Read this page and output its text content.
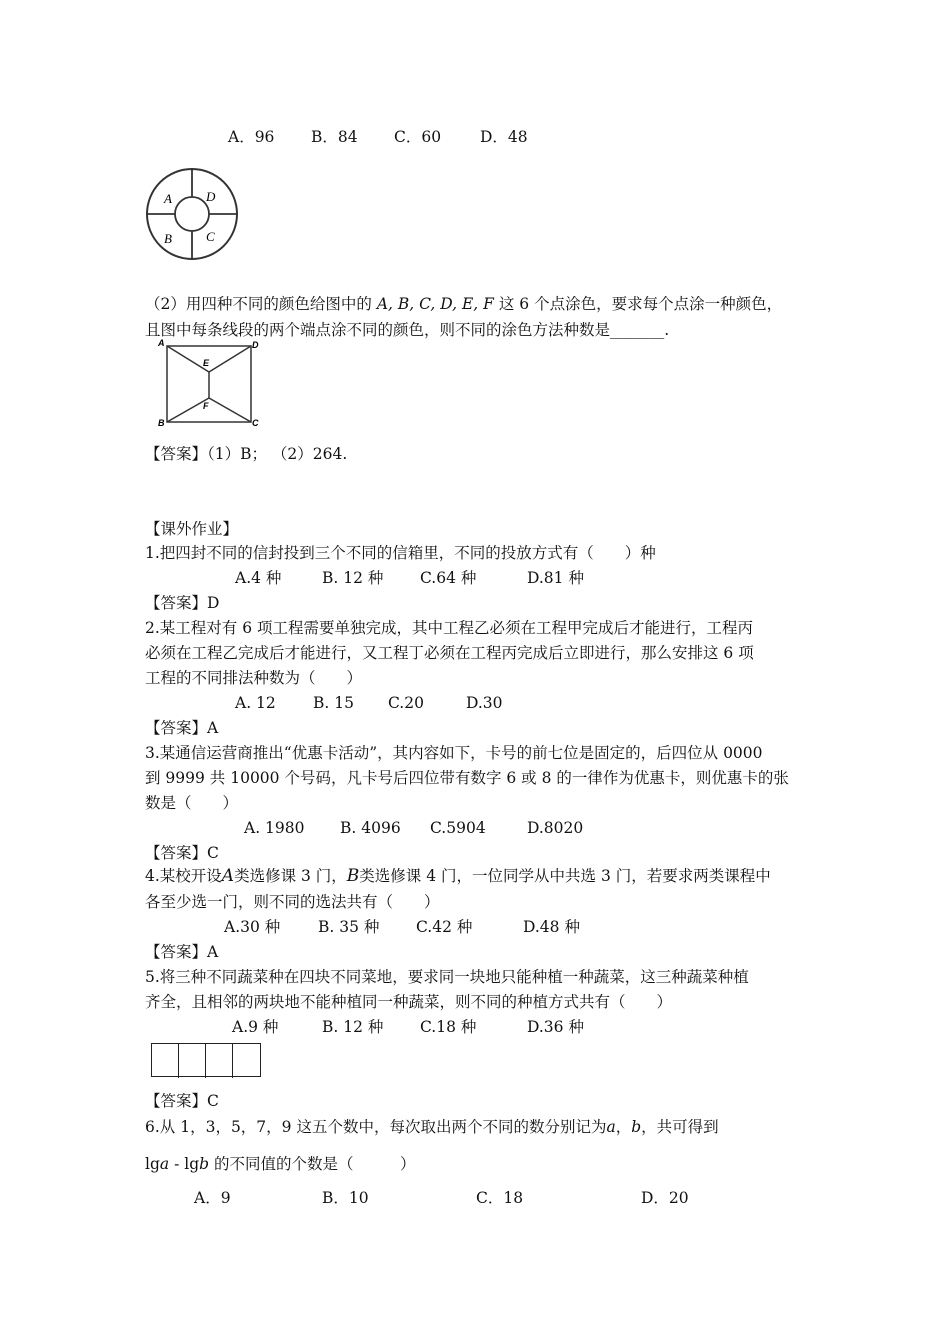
A．96 B．84 C．60	D．48
A	D
B	C
（2）用四种不同的颜色给图中的 A, B, C, D, E, F 这 6 个点涂色，要求每个点涂一种颜色，
且图中每条线段的两个端点涂不同的颜色，则不同的涂色方法种数是_______.
A	D
E
F
B	C
【答案】（1）B； （2）264.
【课外作业】
1.把四封不同的信封投到三个不同的信箱里，不同的投放方式有（　　）种
A.4 种	B. 12 种 C.64 种	D.81 种
【答案】D
2.某工程对有 6 项工程需要单独完成，其中工程乙必须在工程甲完成后才能进行，工程丙
必须在工程乙完成后才能进行，又工程丁必须在工程丙完成后立即进行，那么安排这 6 项
工程的不同排法种数为（　　）
A. 12 B. 15 C.20	D.30
【答案】A
3.某通信运营商推出“优惠卡活动”，其内容如下，卡号的前七位是固定的，后四位从 0000
到 9999 共 10000 个号码，凡卡号后四位带有数字 6 或 8 的一律作为优惠卡，则优惠卡的张
数是（　　）
A. 1980 B. 4096 C.5904	D.8020
【答案】C
4.某校开设A类选修课 3 门，B类选修课 4 门，一位同学从中共选 3 门，若要求两类课程中
各至少选一门，则不同的选法共有（　　）
A.30 种 B. 35 种 C.42 种	D.48 种
【答案】A
5.将三种不同蔬菜种在四块不同菜地，要求同一块地只能种植一种蔬菜，这三种蔬菜种植
齐全，且相邻的两块地不能种植同一种蔬菜，则不同的种植方式共有（　　）
A.9 种	B. 12 种 C.18 种	D.36 种
【答案】C
6.从 1，3，5，7，9 这五个数中，每次取出两个不同的数分别记为a，b，共可得到
lga - lgb 的不同值的个数是（　　　）
A．9	B．10	C．18	D．20
